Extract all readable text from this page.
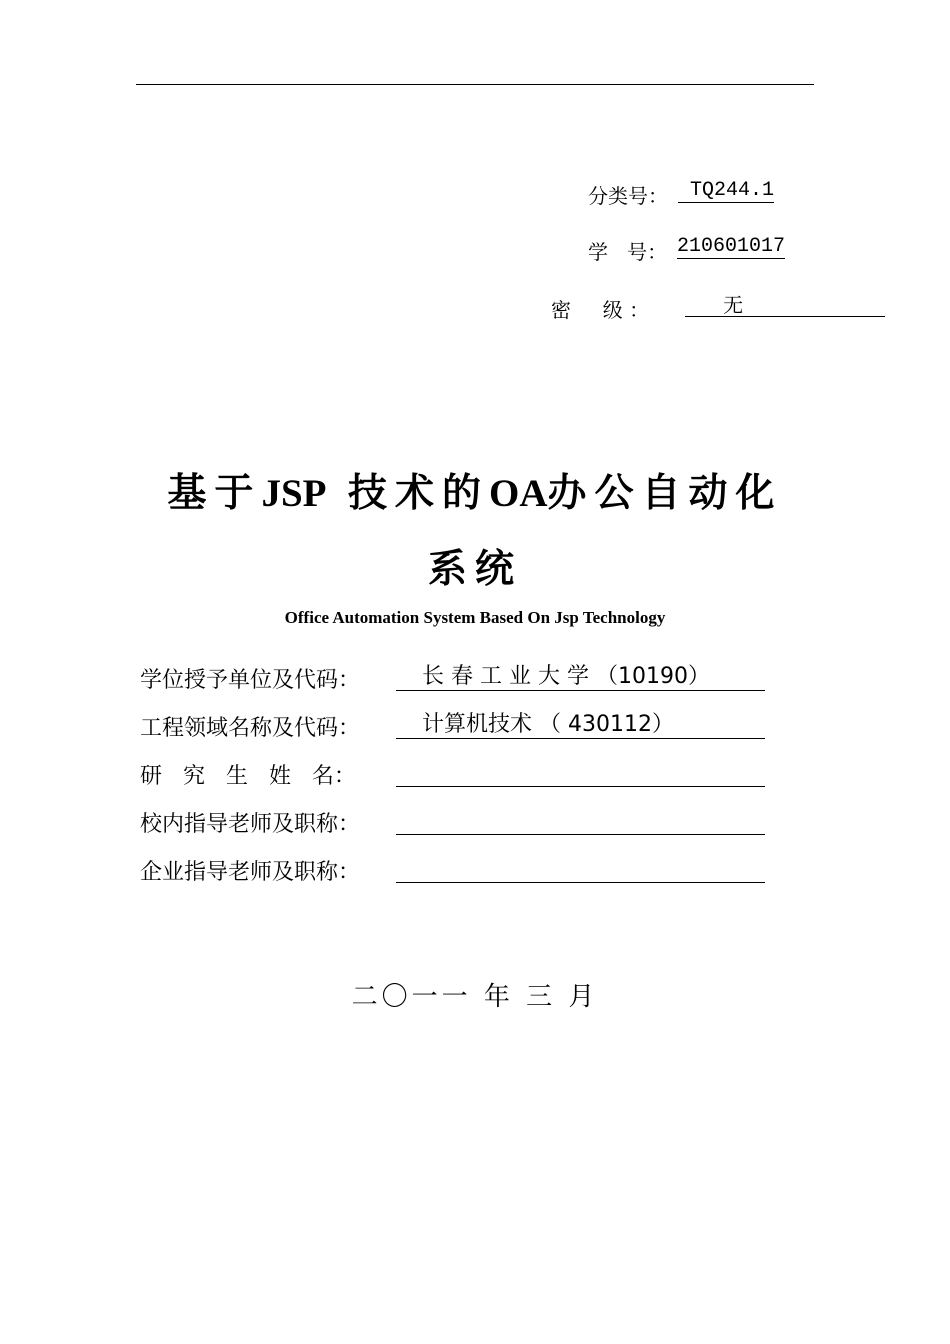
分类号： TQ244.1
学   号： 210601017
密     级 ： 无
基于JSP 技术的OA办公自动化
系统
Office Automation System Based On Jsp Technology
学位授予单位及代码：	长 春 工 业 大 学 （10190）
工程领域名称及代码：	计算机技术 （ 430112）
研   究   生   姓   名：
校内指导老师及职称：
企业指导老师及职称：
二〇一一 年 三 月
